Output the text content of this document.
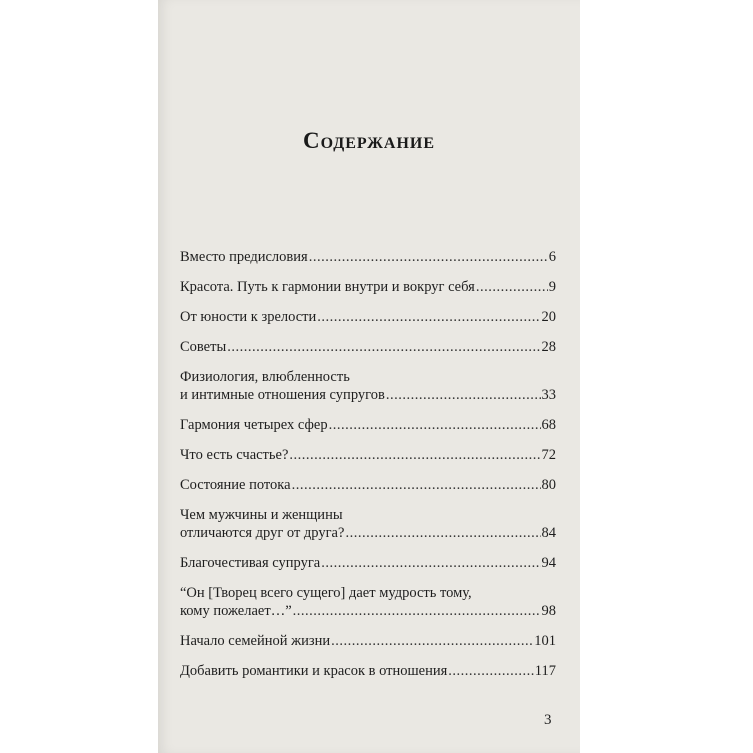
Содержание
Вместо предисловия .....	6
Красота. Путь к гармонии внутри и вокруг себя .....	9
От юности к зрелости .....	20
Советы .....	28
Физиология, влюбленность
и интимные отношения супругов .....	33
Гармония четырех сфер .....	68
Что есть счастье? .....	72
Состояние потока .....	80
Чем мужчины и женщины
отличаются друг от друга? .....	84
Благочестивая супруга .....	94
“Он [Творец всего сущего] дает мудрость тому,
кому пожелает…” .....	98
Начало семейной жизни .....	101
Добавить романтики и красок в отношения .....	117
3
